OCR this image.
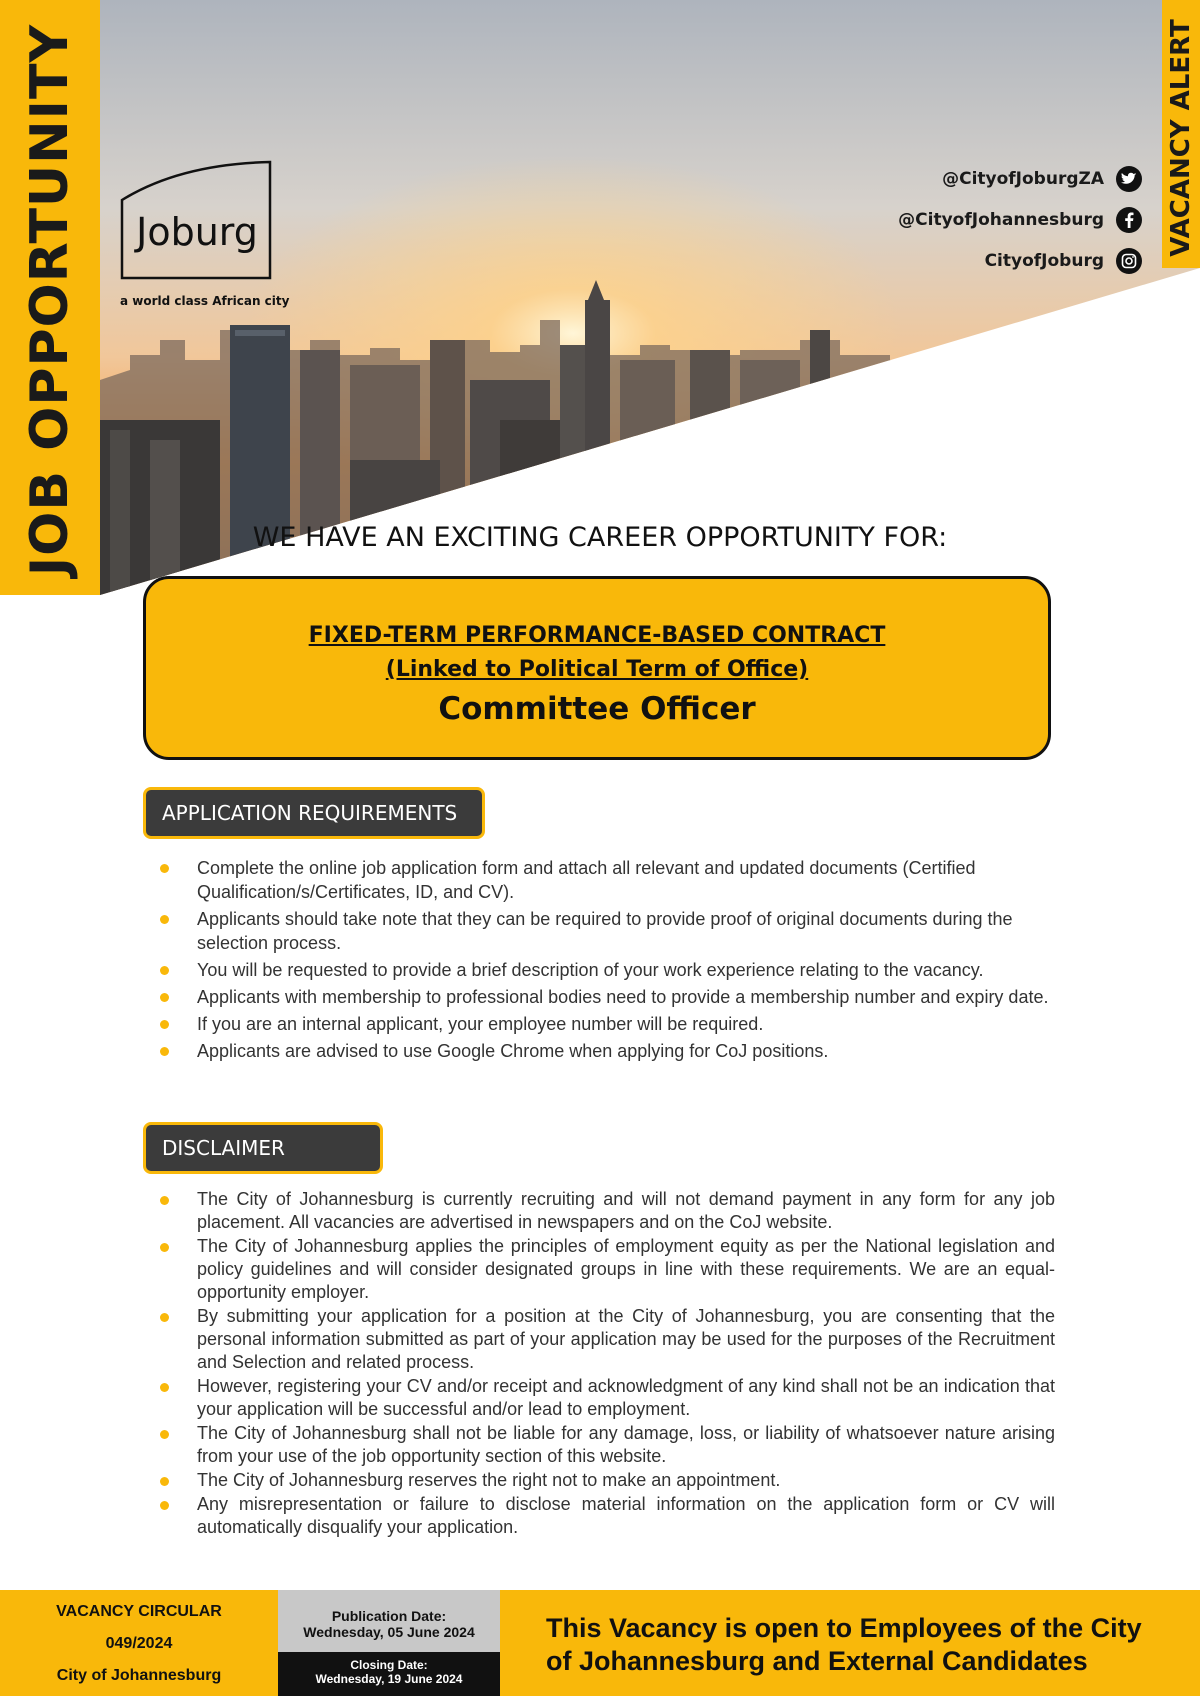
JOB OPPORTUNITY	VACANCY ALERT
Joburg
a world class African city
@CityofJoburgZA
@CityofJohannesburg
CityofJoburg
WE HAVE AN EXCITING CAREER OPPORTUNITY FOR:
FIXED-TERM PERFORMANCE-BASED CONTRACT
(Linked to Political Term of Office)
Committee Officer
APPLICATION REQUIREMENTS
Complete the online job application form and attach all relevant and updated documents (Certified Qualification/s/Certificates, ID, and CV).
Applicants should take note that they can be required to provide proof of original documents during the selection process.
You will be requested to provide a brief description of your work experience relating to the vacancy.
Applicants with membership to professional bodies need to provide a membership number and expiry date.
If you are an internal applicant, your employee number will be required.
Applicants are advised to use Google Chrome when applying for CoJ positions.
DISCLAIMER
The City of Johannesburg is currently recruiting and will not demand payment in any form for any job placement. All vacancies are advertised in newspapers and on the CoJ website.
The City of Johannesburg applies the principles of employment equity as per the National legislation and policy guidelines and will consider designated groups in line with these requirements. We are an equal-opportunity employer.
By submitting your application for a position at the City of Johannesburg, you are consenting that the personal information submitted as part of your application may be used for the purposes of the Recruitment and Selection and related process.
However, registering your CV and/or receipt and acknowledgment of any kind shall not be an indication that your application will be successful and/or lead to employment.
The City of Johannesburg shall not be liable for any damage, loss, or liability of whatsoever nature arising from your use of the job opportunity section of this website.
The City of Johannesburg reserves the right not to make an appointment.
Any misrepresentation or failure to disclose material information on the application form or CV will automatically disqualify your application.
VACANCY CIRCULAR
049/2024
City of Johannesburg
Publication Date:
Wednesday, 05 June 2024
Closing Date:
Wednesday, 19 June 2024
This Vacancy is open to Employees of the City
of Johannesburg and External Candidates
